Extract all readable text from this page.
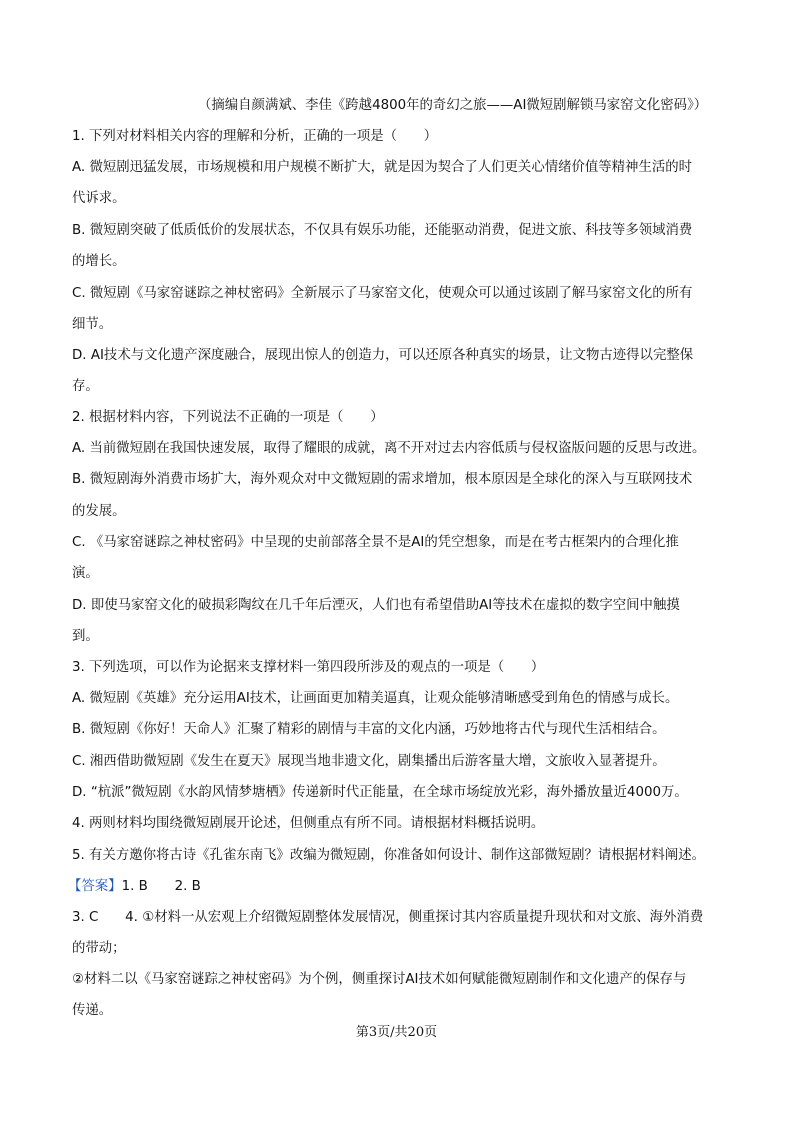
（摘编自颜满斌、李佳《跨越4800年的奇幻之旅——AI微短剧解锁马家窑文化密码》）
1. 下列对材料相关内容的理解和分析，正确的一项是（　　）
A. 微短剧迅猛发展，市场规模和用户规模不断扩大，就是因为契合了人们更关心情绪价值等精神生活的时
代诉求。
B. 微短剧突破了低质低价的发展状态，不仅具有娱乐功能，还能驱动消费，促进文旅、科技等多领域消费
的增长。
C. 微短剧《马家窑谜踪之神杖密码》全新展示了马家窑文化，使观众可以通过该剧了解马家窑文化的所有
细节。
D. AI技术与文化遗产深度融合，展现出惊人的创造力，可以还原各种真实的场景，让文物古迹得以完整保
存。
2. 根据材料内容，下列说法不正确的一项是（　　）
A. 当前微短剧在我国快速发展，取得了耀眼的成就，离不开对过去内容低质与侵权盗版问题的反思与改进。
B. 微短剧海外消费市场扩大，海外观众对中文微短剧的需求增加，根本原因是全球化的深入与互联网技术
的发展。
C. 《马家窑谜踪之神杖密码》中呈现的史前部落全景不是AI的凭空想象，而是在考古框架内的合理化推
演。
D. 即使马家窑文化的破损彩陶纹在几千年后湮灭，人们也有希望借助AI等技术在虚拟的数字空间中触摸
到。
3. 下列选项，可以作为论据来支撑材料一第四段所涉及的观点的一项是（　　）
A. 微短剧《英雄》充分运用AI技术，让画面更加精美逼真，让观众能够清晰感受到角色的情感与成长。
B. 微短剧《你好！天命人》汇聚了精彩的剧情与丰富的文化内涵，巧妙地将古代与现代生活相结合。
C. 湘西借助微短剧《发生在夏天》展现当地非遗文化，剧集播出后游客量大增，文旅收入显著提升。
D. “杭派”微短剧《水韵风情梦塘栖》传递新时代正能量，在全球市场绽放光彩，海外播放量近4000万。
4. 两则材料均围绕微短剧展开论述，但侧重点有所不同。请根据材料概括说明。
5. 有关方邀你将古诗《孔雀东南飞》改编为微短剧，你准备如何设计、制作这部微短剧？请根据材料阐述。
【答案】1. B　　2. B
3. C　　4. ①材料一从宏观上介绍微短剧整体发展情况，侧重探讨其内容质量提升现状和对文旅、海外消费
的带动；
②材料二以《马家窑谜踪之神杖密码》为个例，侧重探讨AI技术如何赋能微短剧制作和文化遗产的保存与
传递。
第3页/共20页
